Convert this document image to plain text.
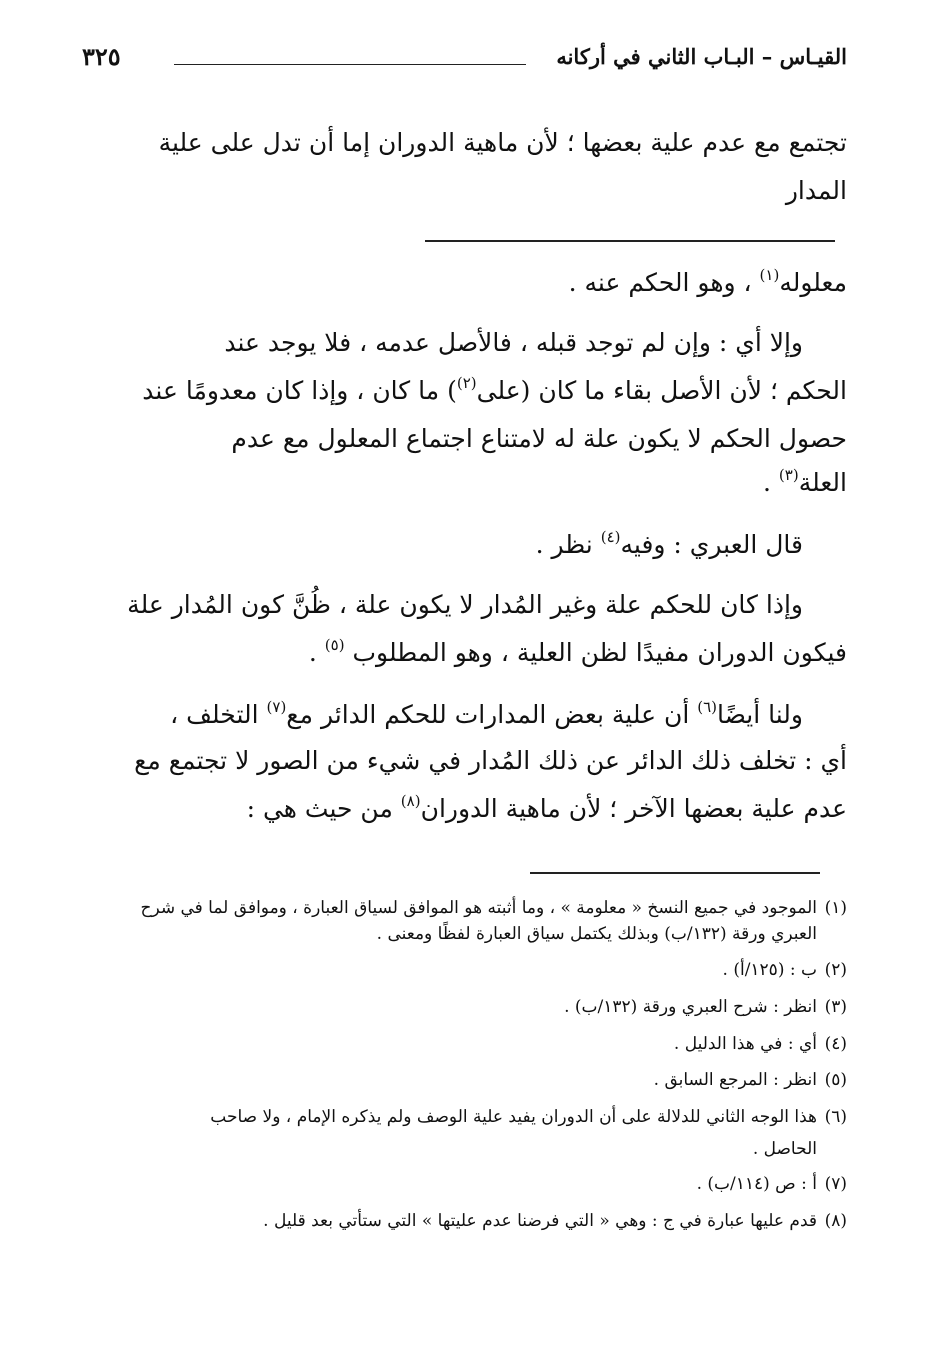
القيـاس – البـاب الثاني في أركانه
٣٢٥
تجتمع مع عدم علية بعضها ؛ لأن ماهية الدوران إما أن تدل على علية
المدار
معلوله$^{(١)}$ ، وهو الحكم عنه .
وإلا أي : وإن لم توجد قبله ، فالأصل عدمه ، فلا يوجد عند
الحكم ؛ لأن الأصل بقاء ما كان (على$^{(٢)}$) ما كان ، وإذا كان معدومًا عند
حصول الحكم لا يكون علة له لامتناع اجتماع المعلول مع عدم
العلة$^{(٣)}$ .
قال العبري : وفيه$^{(٤)}$ نظر .
وإذا كان للحكم علة وغير المُدار لا يكون علة ، ظُنَّ كون المُدار علة
فيكون الدوران مفيدًا لظن العلية ، وهو المطلوب $^{(٥)}$ .
ولنا أيضًا$^{(٦)}$ أن علية بعض المدارات للحكم الدائر مع$^{(٧)}$ التخلف ،
أي : تخلف ذلك الدائر عن ذلك المُدار في شيء من الصور لا تجتمع مع
عدم علية بعضها الآخر ؛ لأن ماهية الدوران$^{(٨)}$ من حيث هي :
(١)الموجود في جميع النسخ « معلومة » ، وما أثبته هو الموافق لسياق العبارة ، وموافق لما في شرح
العبري ورقة (١٣٢/ب) وبذلك يكتمل سياق العبارة لفظًا ومعنى .
(٢)ب : (١٢٥/أ) .
(٣)انظر : شرح العبري ورقة (١٣٢/ب) .
(٤)أي : في هذا الدليل .
(٥)انظر : المرجع السابق .
(٦)هذا الوجه الثاني للدلالة على أن الدوران يفيد علية الوصف ولم يذكره الإمام ، ولا صاحب
الحاصل .
(٧)أ : ص (١١٤/ب) .
(٨)قدم عليها عبارة في ج : وهي « التي فرضنا عدم عليتها » التي ستأتي بعد قليل .
